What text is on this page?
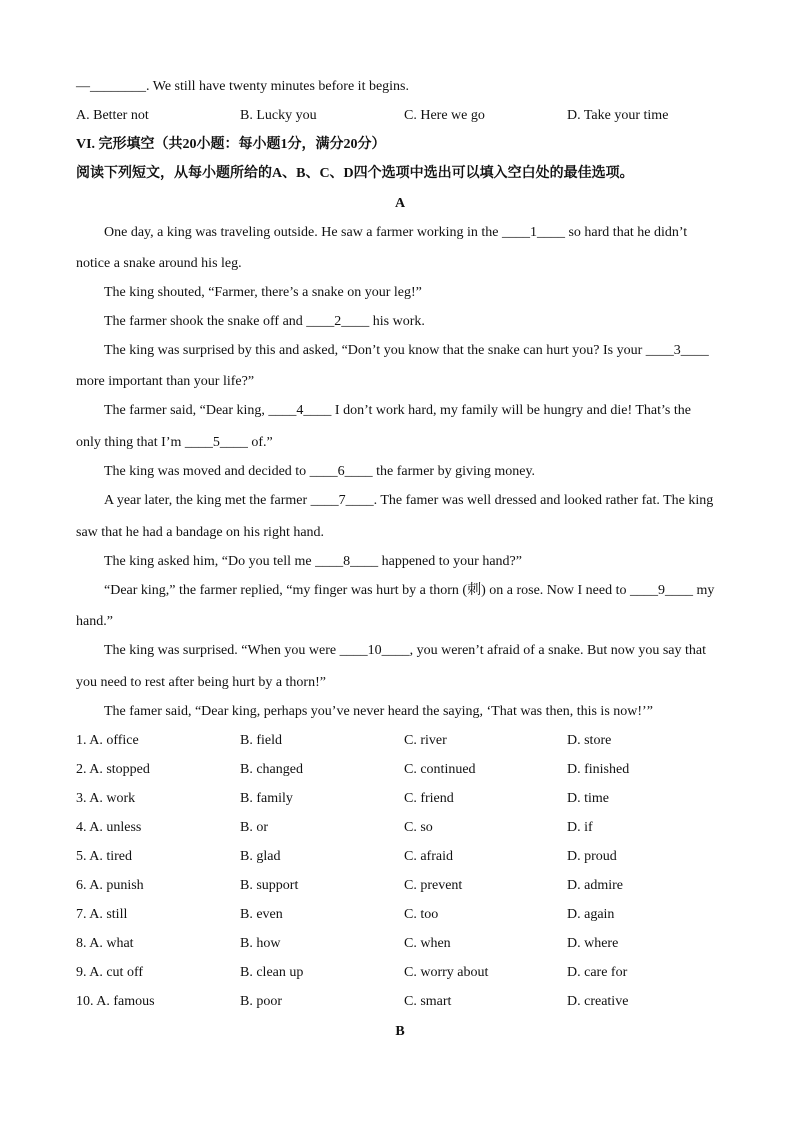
—________. We still have twenty minutes before it begins.
A. Better not	B. Lucky you	C. Here we go	D. Take your time
VI. 完形填空（共20小题：每小题1分，满分20分）
阅读下列短文，从每小题所给的A、B、C、D四个选项中选出可以填入空白处的最佳选项。
A
One day, a king was traveling outside. He saw a farmer working in the ____1____ so hard that he didn’t
notice a snake around his leg.
The king shouted, “Farmer, there’s a snake on your leg!”
The farmer shook the snake off and ____2____ his work.
The king was surprised by this and asked, “Don’t you know that the snake can hurt you? Is your ____3____
more important than your life?”
The farmer said, “Dear king, ____4____ I don’t work hard, my family will be hungry and die! That’s the
only thing that I’m ____5____ of.”
The king was moved and decided to ____6____ the farmer by giving money.
A year later, the king met the farmer ____7____. The famer was well dressed and looked rather fat. The king
saw that he had a bandage on his right hand.
The king asked him, “Do you tell me ____8____ happened to your hand?”
“Dear king,” the farmer replied, “my finger was hurt by a thorn (刺) on a rose. Now I need to ____9____ my
hand.”
The king was surprised. “When you were ____10____, you weren’t afraid of a snake. But now you say that
you need to rest after being hurt by a thorn!”
The famer said, “Dear king, perhaps you’ve never heard the saying, ‘That was then, this is now!’”
1. A. office	B. field	C. river	D. store
2. A. stopped	B. changed	C. continued	D. finished
3. A. work	B. family	C. friend	D. time
4. A. unless	B. or	C. so	D. if
5. A. tired	B. glad	C. afraid	D. proud
6. A. punish	B. support	C. prevent	D. admire
7. A. still	B. even	C. too	D. again
8. A. what	B. how	C. when	D. where
9. A. cut off	B. clean up	C. worry about	D. care for
10. A. famous	B. poor	C. smart	D. creative
B
